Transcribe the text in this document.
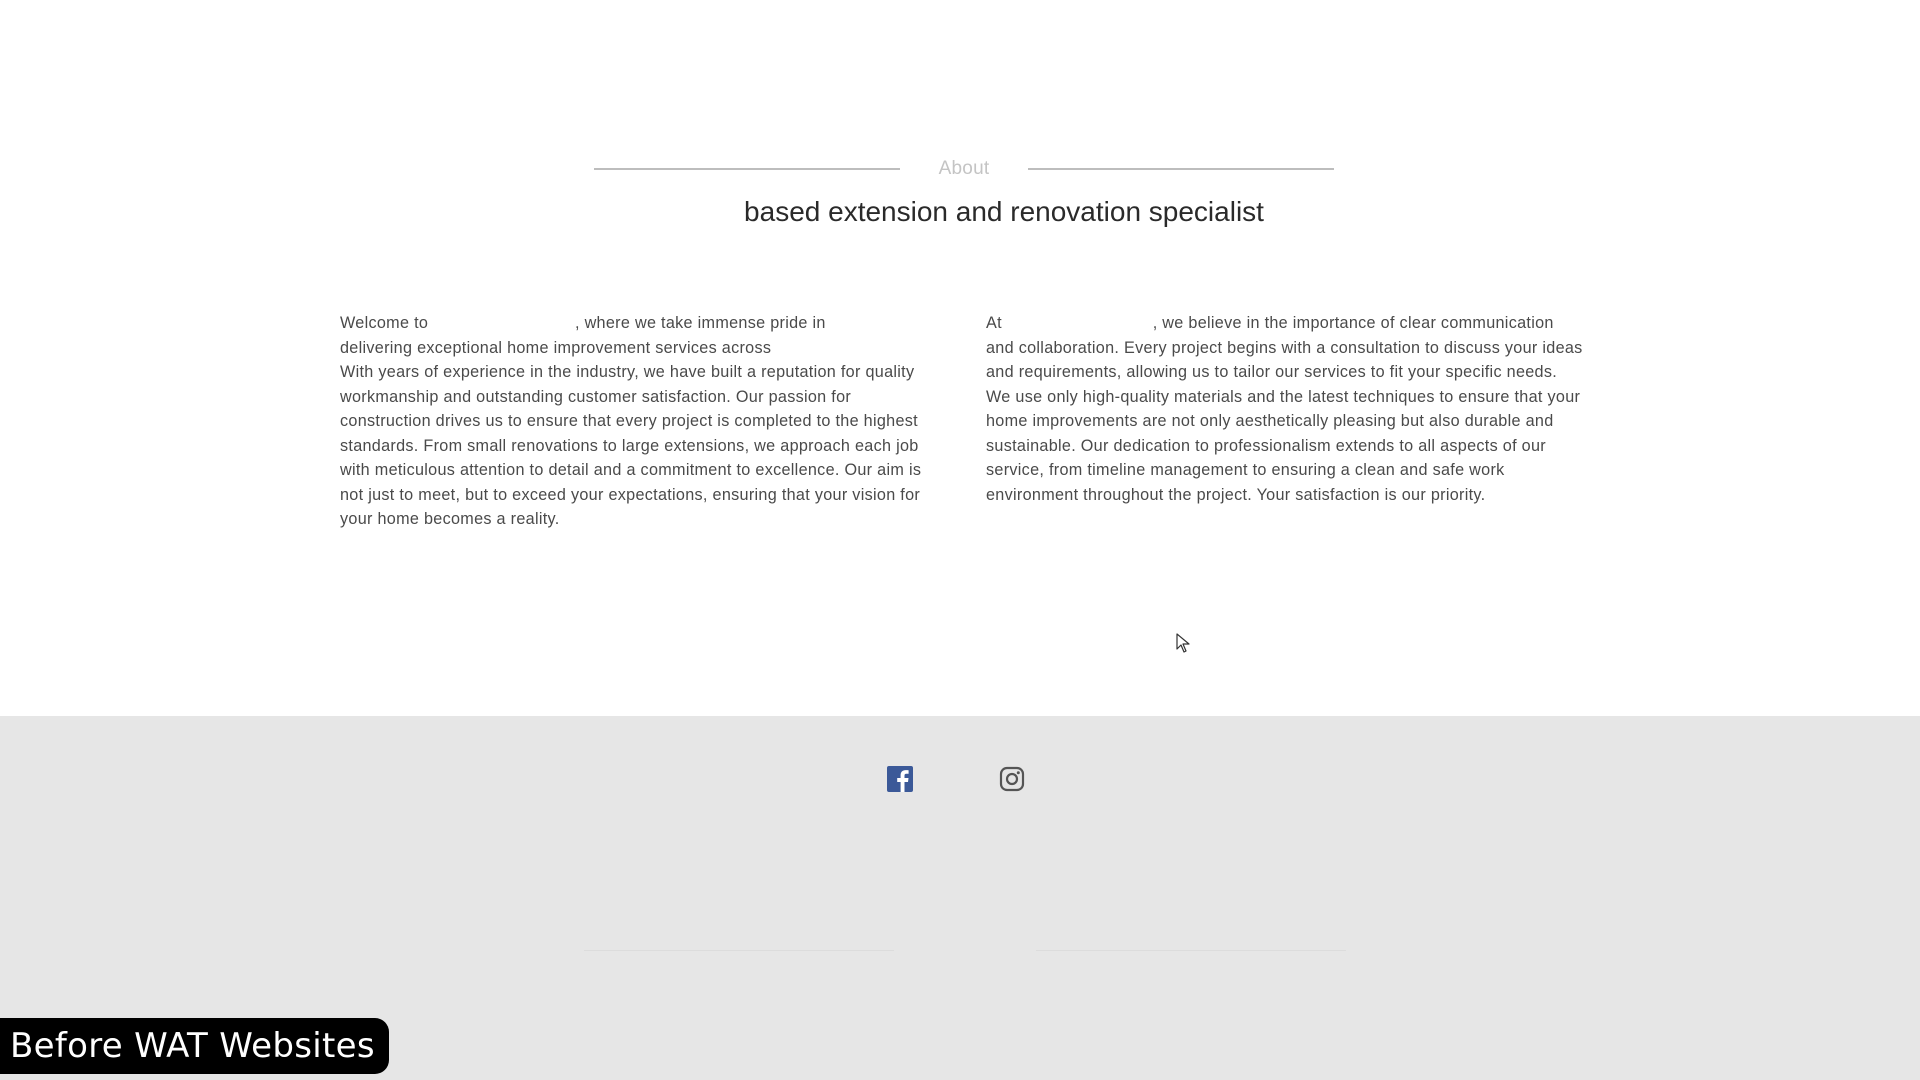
About
based extension and renovation specialist

Welcome to	, where we take immense pride in
delivering exceptional home improvement services across

With years of experience in the industry, we have built a reputation for quality workmanship and outstanding customer satisfaction. Our passion for construction drives us to ensure that every project is completed to the highest standards. From small renovations to large extensions, we approach each job with meticulous attention to detail and a commitment to excellence. Our aim is not just to meet, but to exceed your expectations, ensuring that your vision for your home becomes a reality.

At	, we believe in the importance of clear communication and collaboration. Every project begins with a consultation to discuss your ideas and requirements, allowing us to tailor our services to fit your specific needs. We use only high-quality materials and the latest techniques to ensure that your home improvements are not only aesthetically pleasing but also durable and sustainable. Our dedication to professionalism extends to all aspects of our service, from timeline management to ensuring a clean and safe work environment throughout the project. Your satisfaction is our priority.

Before WAT Websites
